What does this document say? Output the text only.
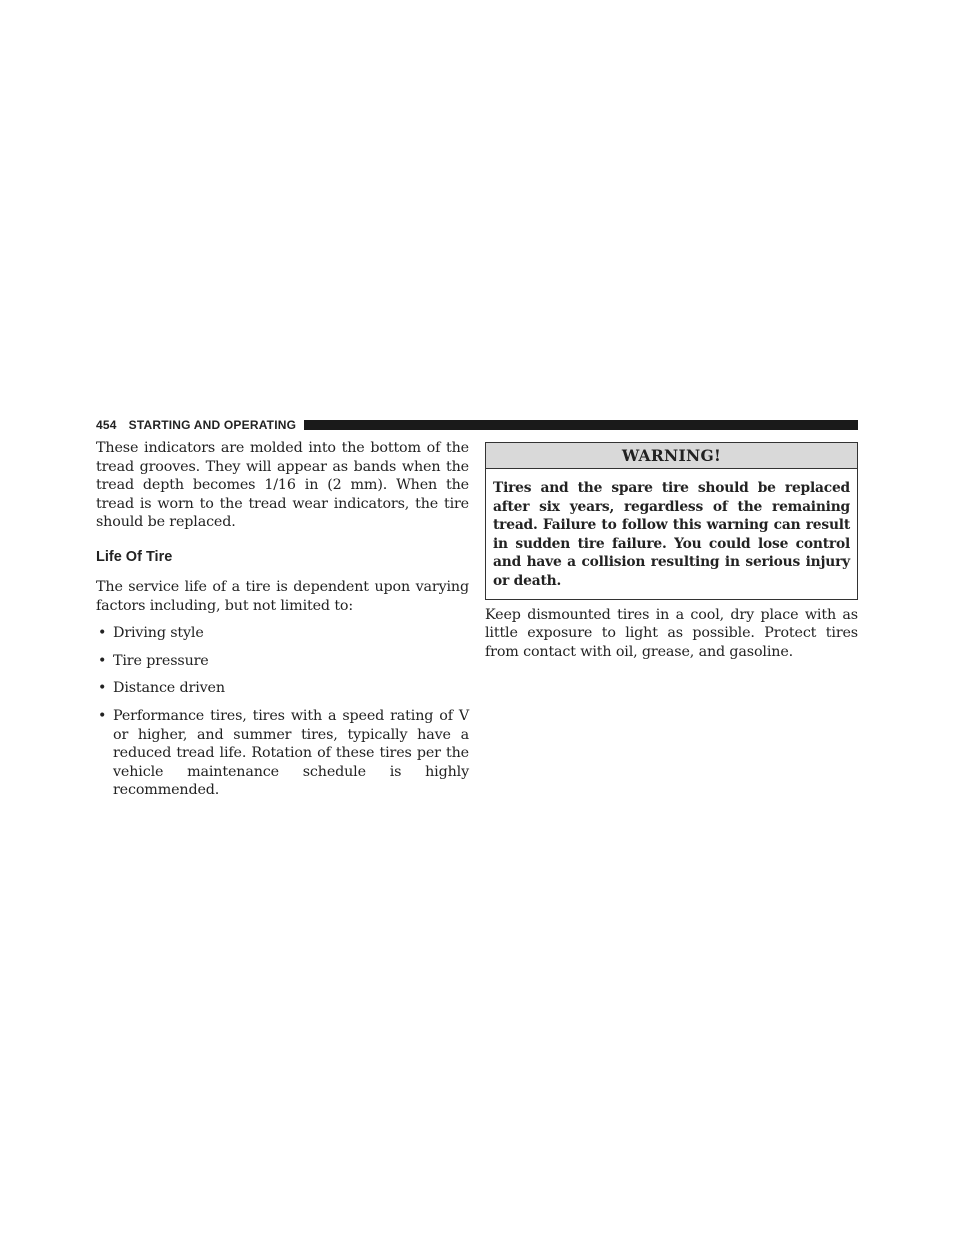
454 STARTING AND OPERATING

These indicators are molded into the bottom of the tread grooves. They will appear as bands when the tread depth becomes 1/16 in (2 mm). When the tread is worn to the tread wear indicators, the tire should be replaced.

Life Of Tire

The service life of a tire is dependent upon varying factors including, but not limited to:

• Driving style
• Tire pressure
• Distance driven
• Performance tires, tires with a speed rating of V or higher, and summer tires, typically have a reduced tread life. Rotation of these tires per the vehicle maintenance schedule is highly recommended.
WARNING!
Tires and the spare tire should be replaced after six years, regardless of the remaining tread. Failure to follow this warning can result in sudden tire failure. You could lose control and have a collision resulting in serious injury or death.

Keep dismounted tires in a cool, dry place with as little exposure to light as possible. Protect tires from contact with oil, grease, and gasoline.
